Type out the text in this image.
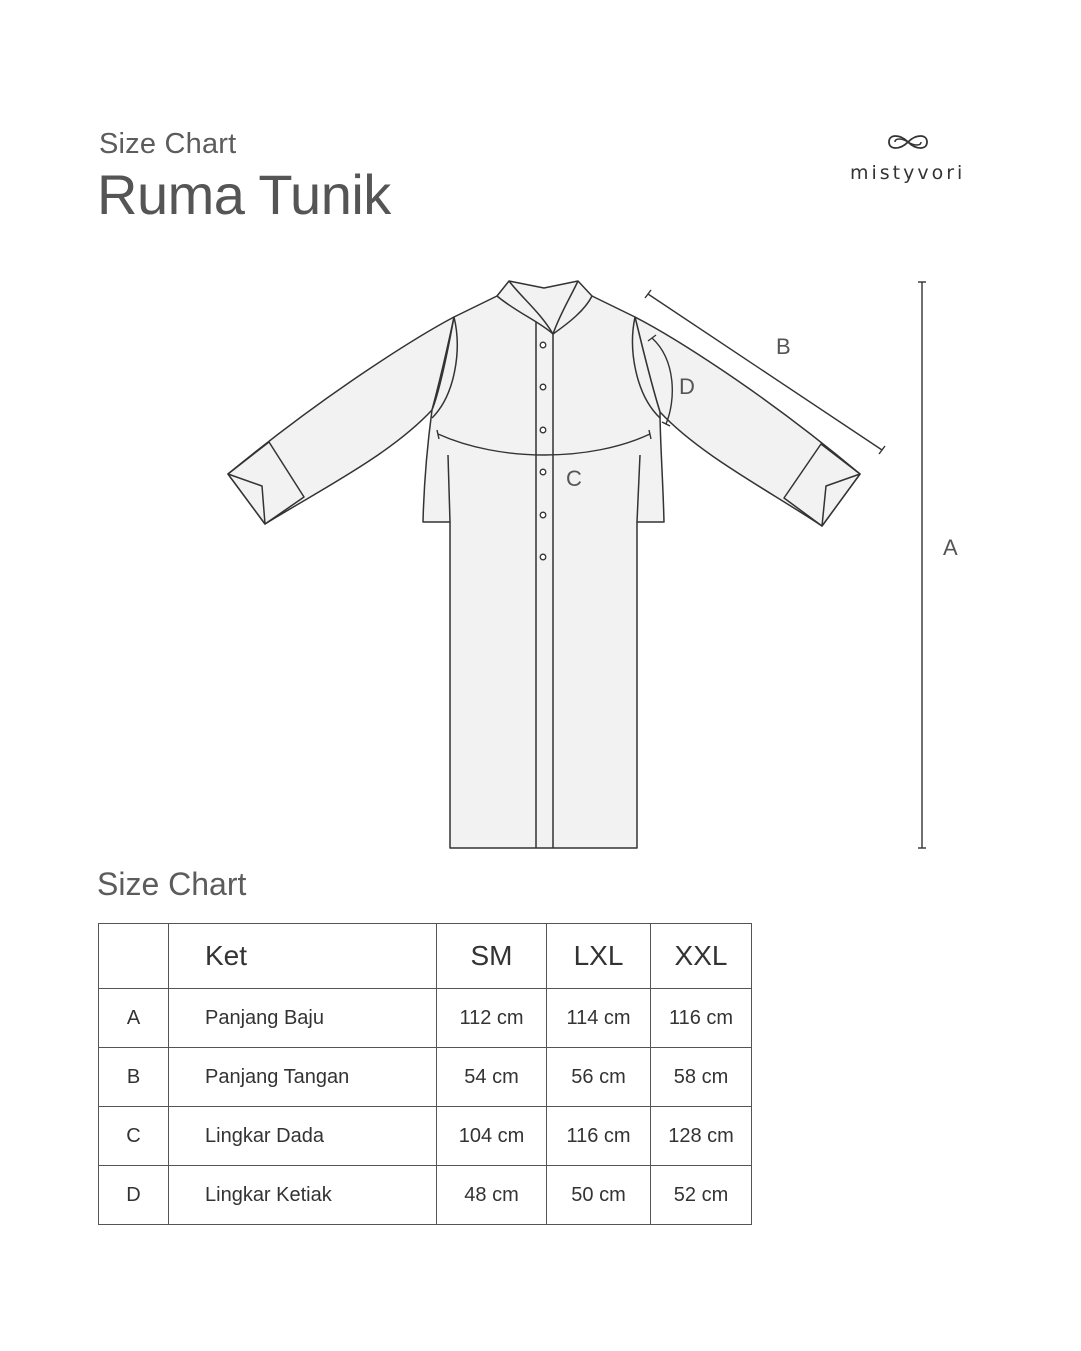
Size Chart
Ruma Tunik	mistyvori
A
B
C
D
Size Chart
	Ket	SM	LXL	XXL
A	Panjang Baju	112 cm	114 cm	116 cm
B	Panjang Tangan	54 cm	56 cm	58 cm
C	Lingkar Dada	104 cm	116 cm	128 cm
D	Lingkar Ketiak	48 cm	50 cm	52 cm
